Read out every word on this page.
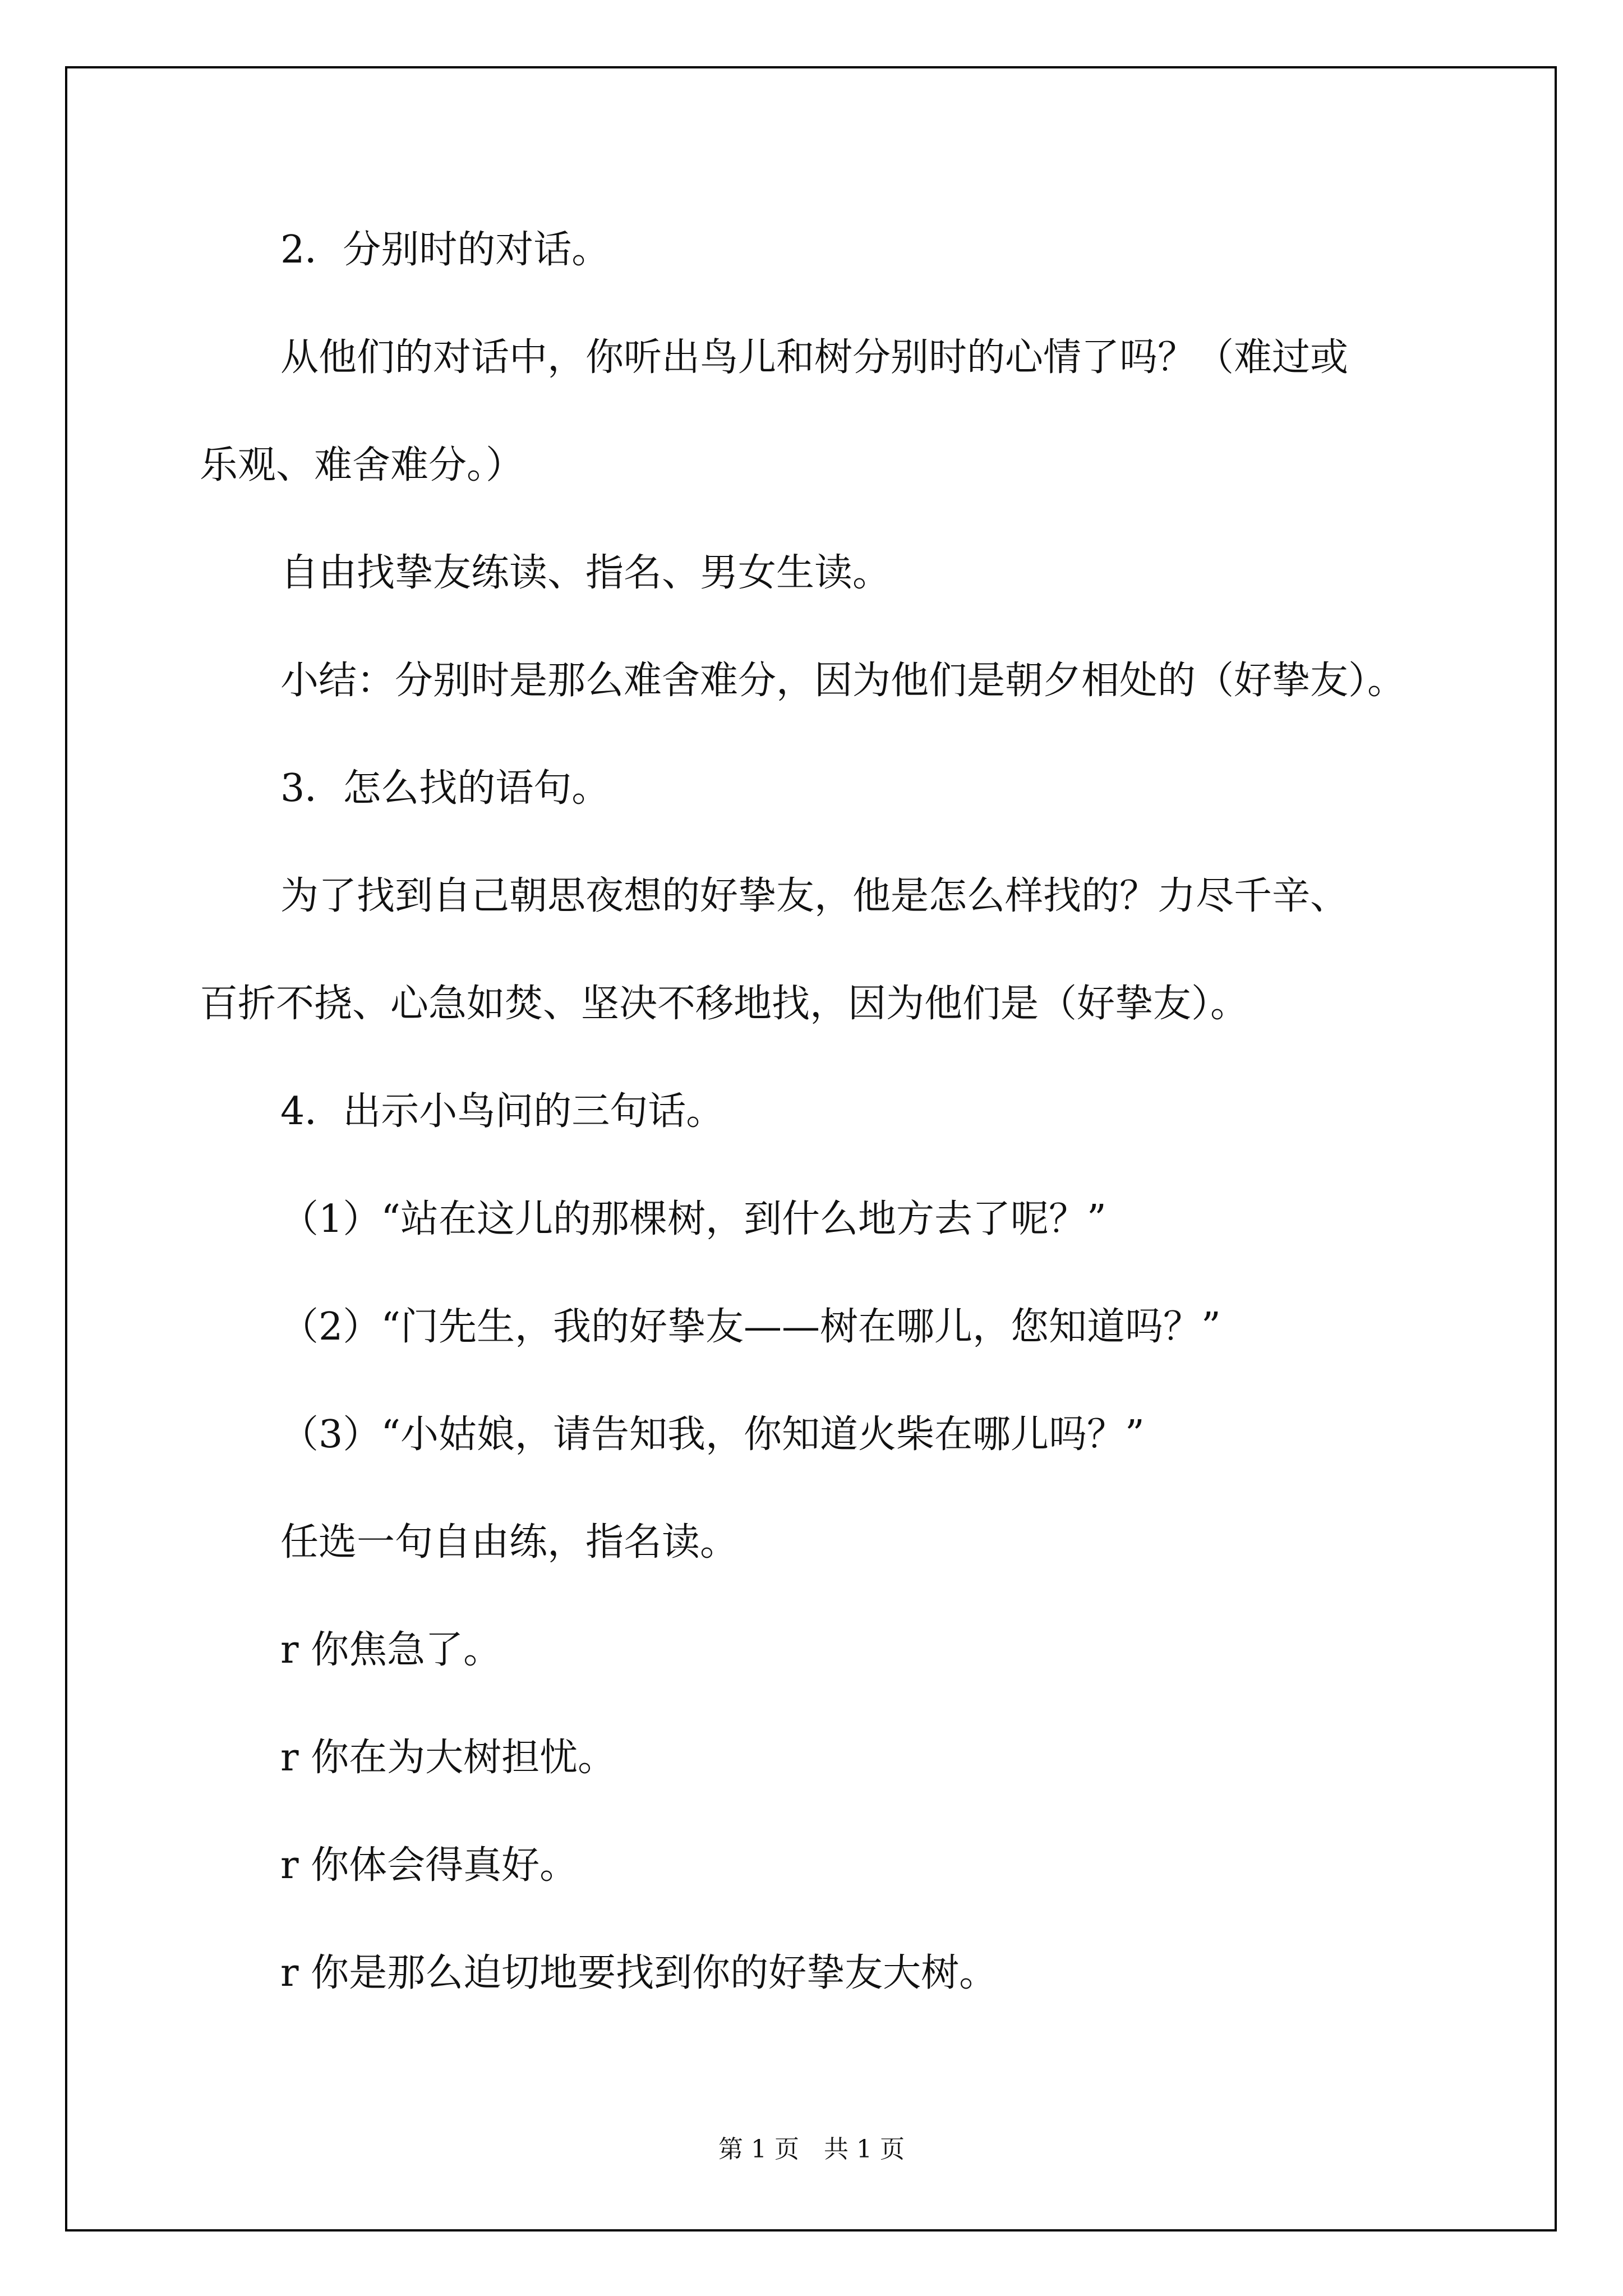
2．分别时的对话。
从他们的对话中，你听出鸟儿和树分别时的心情了吗？（难过或
乐观、难舍难分。）
自由找挚友练读、指名、男女生读。
小结：分别时是那么难舍难分，因为他们是朝夕相处的（好挚友）。
3．怎么找的语句。
为了找到自己朝思夜想的好挚友，他是怎么样找的？力尽千辛、
百折不挠、心急如焚、坚决不移地找，因为他们是（好挚友）。
4．出示小鸟问的三句话。
（1）“站在这儿的那棵树，到什么地方去了呢？”
（2）“门先生，我的好挚友——树在哪儿，您知道吗？”
（3）“小姑娘，请告知我，你知道火柴在哪儿吗？”
任选一句自由练，指名读。
r 你焦急了。
r 你在为大树担忧。
r 你体会得真好。
r 你是那么迫切地要找到你的好挚友大树。
第 1 页　共 1 页
